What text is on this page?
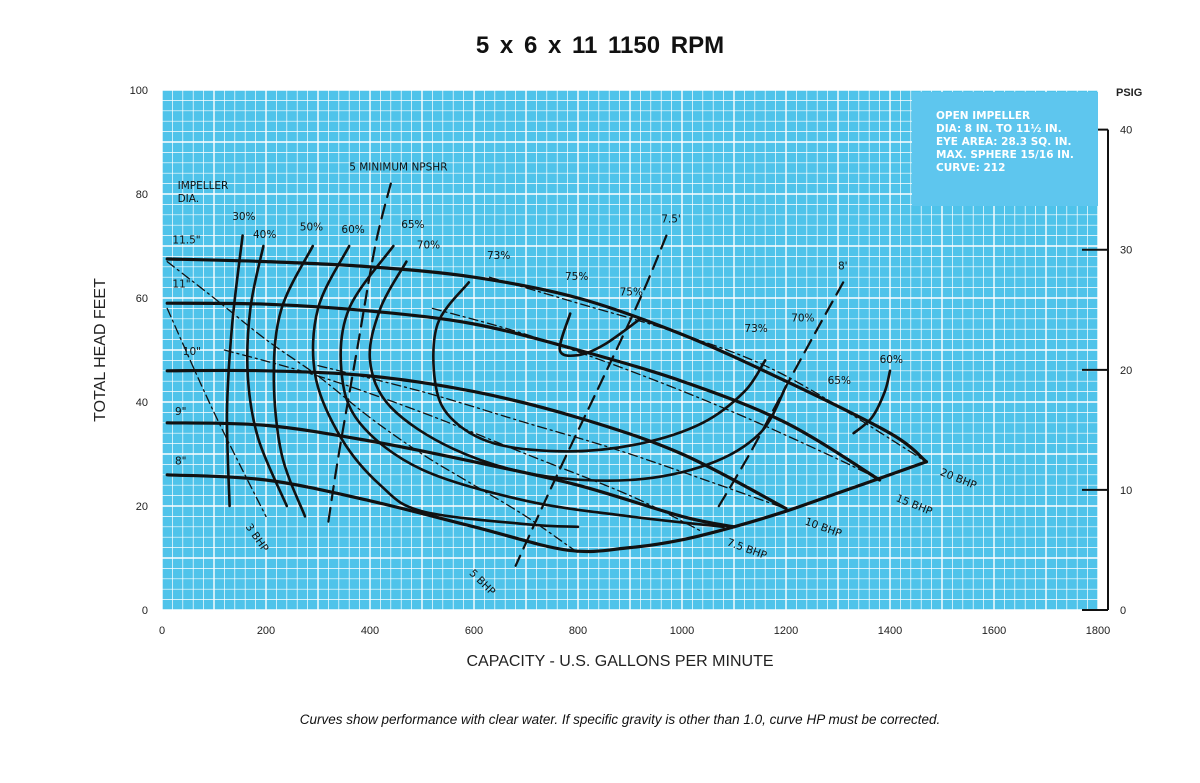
5 x 6 x 11 1150 RPM
0	200	400	600	800	1000	1200	1400	1600	1800
0
20
40
60
80
100
0
10
20
30
40
PSIG
CAPACITY - U.S. GALLONS PER MINUTE
TOTAL HEAD FEET
IMPELLER
DIA.
11.5"
11"
10"
9"
8"
30%
40%
50% 60%	65%
70%
73%
75%
75%
73%
70%
65%
60%
3 BHP
5 BHP
7.5 BHP
10 BHP
15 BHP
20 BHP
5 MINIMUM NPSHR
7.5'
8'
OPEN IMPELLER
DIA: 8 IN. TO 11½ IN.
EYE AREA: 28.3 SQ. IN.
MAX. SPHERE 15/16 IN.
CURVE: 212
Curves show performance with clear water. If specific gravity is other than 1.0, curve HP must be corrected.
